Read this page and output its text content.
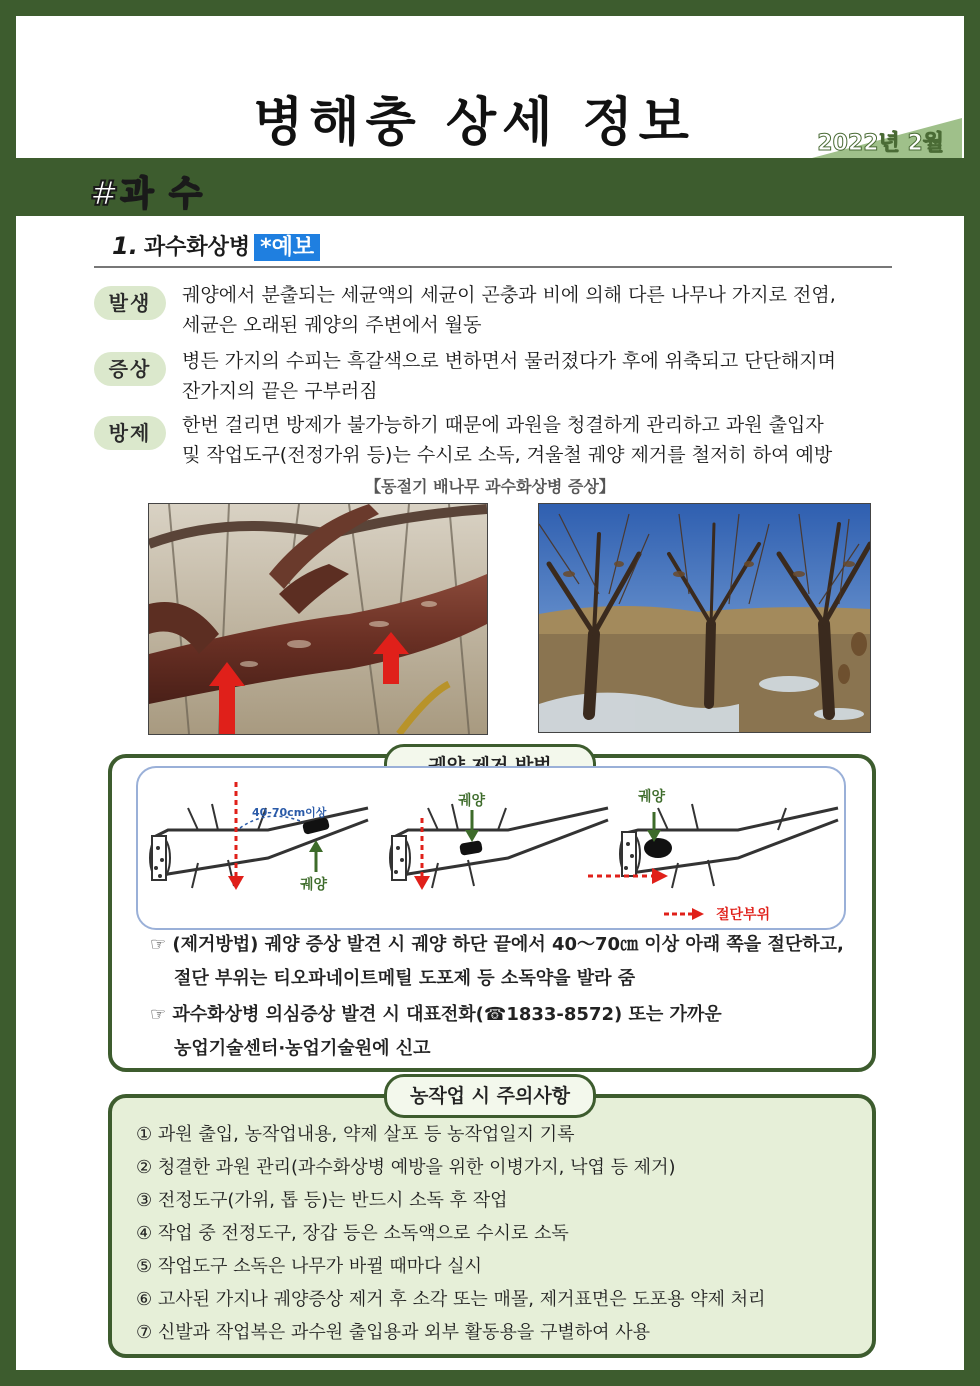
병해충 상세 정보	2022년 2월
#과 수
1. 과수화상병 *예보
발생	궤양에서 분출되는 세균액의 세균이 곤충과 비에 의해 다른 나무나 가지로 전염,
세균은 오래된 궤양의 주변에서 월동
증상	병든 가지의 수피는 흑갈색으로 변하면서 물러졌다가 후에 위축되고 단단해지며
잔가지의 끝은 구부러짐
방제	한번 걸리면 방제가 불가능하기 때문에 과원을 청결하게 관리하고 과원 출입자
및 작업도구(전정가위 등)는 수시로 소독, 겨울철 궤양 제거를 철저히 하여 예방
【동절기 배나무 과수화상병 증상】
40-70cm이상
궤양
궤양	궤양
절단부위
☞ (제거방법) 궤양 증상 발견 시 궤양 하단 끝에서 40～70㎝ 이상 아래 쪽을 절단하고,
절단 부위는 티오파네이트메틸 도포제 등 소독약을 발라 줌
☞ 과수화상병 의심증상 발견 시 대표전화(☎1833-8572) 또는 가까운
농업기술센터·농업기술원에 신고
농작업 시 주의사항
① 과원 출입, 농작업내용, 약제 살포 등 농작업일지 기록
② 청결한 과원 관리(과수화상병 예방을 위한 이병가지, 낙엽 등 제거)
③ 전정도구(가위, 톱 등)는 반드시 소독 후 작업
④ 작업 중 전정도구, 장갑 등은 소독액으로 수시로 소독
⑤ 작업도구 소독은 나무가 바뀔 때마다 실시
⑥ 고사된 가지나 궤양증상 제거 후 소각 또는 매몰, 제거표면은 도포용 약제 처리
⑦ 신발과 작업복은 과수원 출입용과 외부 활동용을 구별하여 사용
